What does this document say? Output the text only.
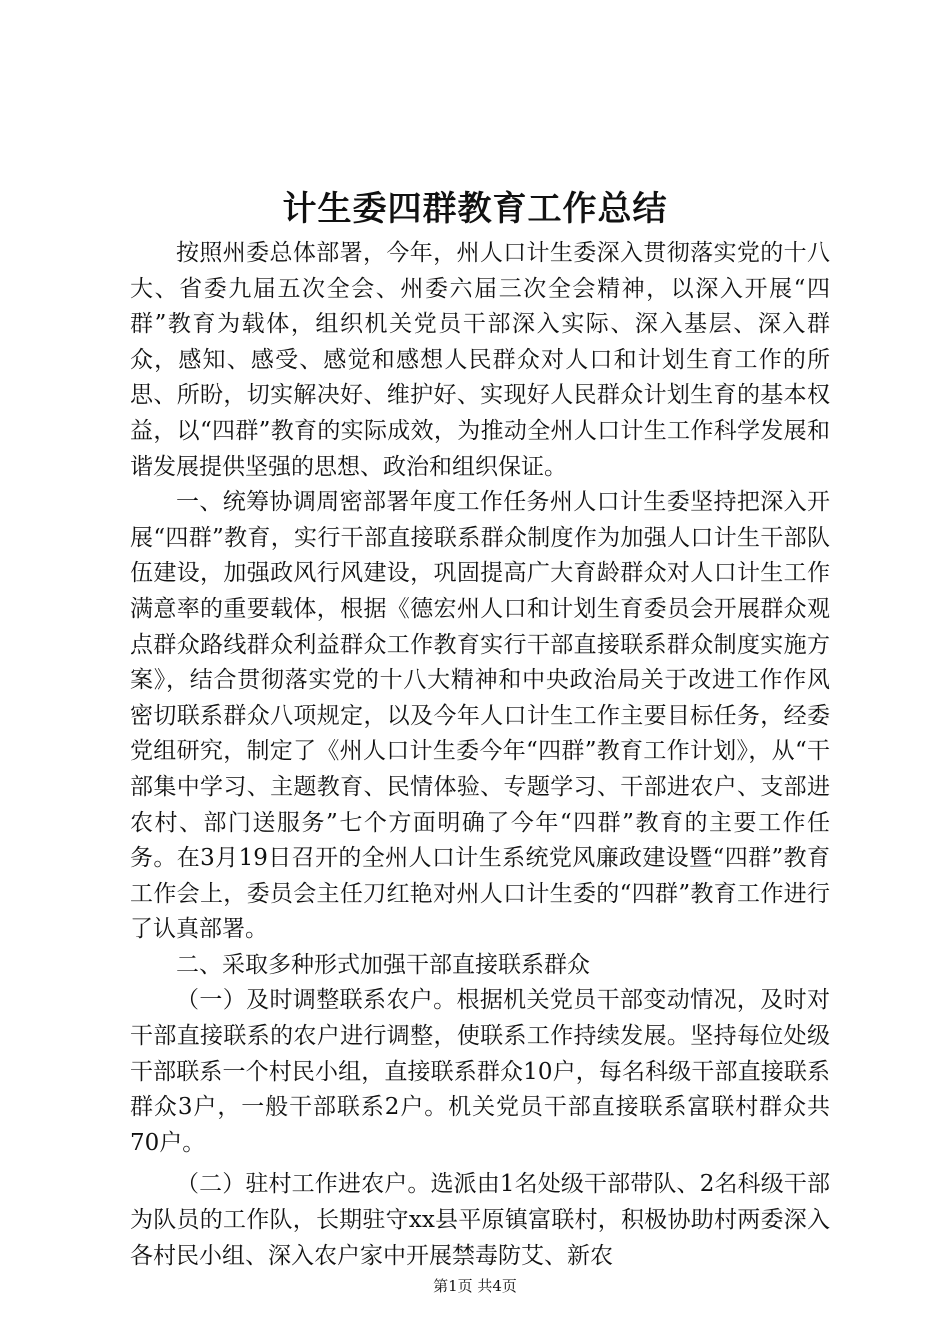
计生委四群教育工作总结

按照州委总体部署，今年，州人口计生委深入贯彻落实党的十八大、省委九届五次全会、州委六届三次全会精神，以深入开展“四群”教育为载体，组织机关党员干部深入实际、深入基层、深入群众，感知、感受、感觉和感想人民群众对人口和计划生育工作的所思、所盼，切实解决好、维护好、实现好人民群众计划生育的基本权益，以“四群”教育的实际成效，为推动全州人口计生工作科学发展和谐发展提供坚强的思想、政治和组织保证。

一、统筹协调周密部署年度工作任务州人口计生委坚持把深入开展“四群”教育，实行干部直接联系群众制度作为加强人口计生干部队伍建设，加强政风行风建设，巩固提高广大育龄群众对人口计生工作满意率的重要载体，根据《德宏州人口和计划生育委员会开展群众观点群众路线群众利益群众工作教育实行干部直接联系群众制度实施方案》，结合贯彻落实党的十八大精神和中央政治局关于改进工作作风密切联系群众八项规定，以及今年人口计生工作主要目标任务，经委党组研究，制定了《州人口计生委今年“四群”教育工作计划》，从“干部集中学习、主题教育、民情体验、专题学习、干部进农户、支部进农村、部门送服务”七个方面明确了今年“四群”教育的主要工作任务。在3月19日召开的全州人口计生系统党风廉政建设暨“四群”教育工作会上，委员会主任刀红艳对州人口计生委的“四群”教育工作进行了认真部署。

二、采取多种形式加强干部直接联系群众

（一）及时调整联系农户。根据机关党员干部变动情况，及时对干部直接联系的农户进行调整，使联系工作持续发展。坚持每位处级干部联系一个村民小组，直接联系群众10户，每名科级干部直接联系群众3户，一般干部联系2户。机关党员干部直接联系富联村群众共70户。

（二）驻村工作进农户。选派由1名处级干部带队、2名科级干部为队员的工作队，长期驻守xx县平原镇富联村，积极协助村两委深入各村民小组、深入农户家中开展禁毒防艾、新农

第1页 共4页
